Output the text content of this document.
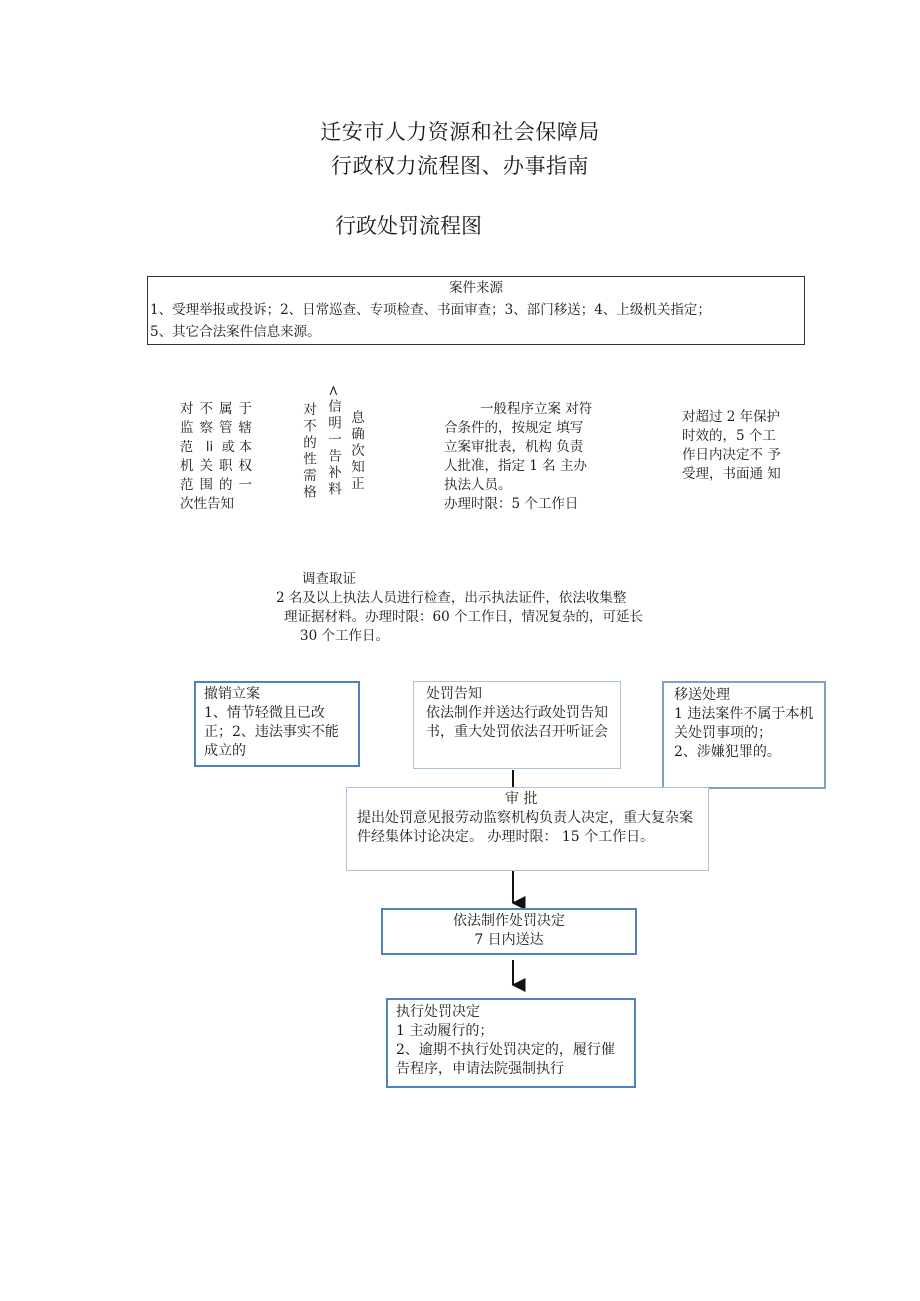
迁安市人力资源和社会保障局
行政权力流程图、办事指南
行政处罚流程图
案件来源
1、受理举报或投诉；2、日常巡查、专项检查、书面审查；3、部门移送；4、上级机关指定；
5、其它合法案件信息来源。
对不属于
监察管辖
范 li 或本
机关职权
范围的一
次性告知
对不的性需格 <信明一告补料 息确次知正
一般程序立案 对符
合条件的，按规定 填写
立案审批表，机构 负责
人批准，指定 1 名 主办
执法人员。
办理时限：5 个工作日
对超过 2 年保护
时效的，5 个工
作日内决定不 予
受理，书面通 知
调查取证
2 名及以上执法人员进行检查，出示执法证件，依法收集整
理证据材料。办理时限：60 个工作日，情况复杂的，可延长
30 个工作日。
撤销立案
1、情节轻微且已改正；2、违法事实不能成立的
处罚告知
依法制作并送达行政处罚告知书，重大处罚依法召开听证会
移送处理
1 违法案件不属于本机关处罚事项的；
2、涉嫌犯罪的。
审 批
提出处罚意见报劳动监察机构负责人决定，重大复杂案件经集体讨论决定。 办理时限： 15 个工作日。
依法制作处罚决定
7 日内送达
执行处罚决定
1 主动履行的；
2、逾期不执行处罚决定的，履行催告程序，申请法院强制执行
